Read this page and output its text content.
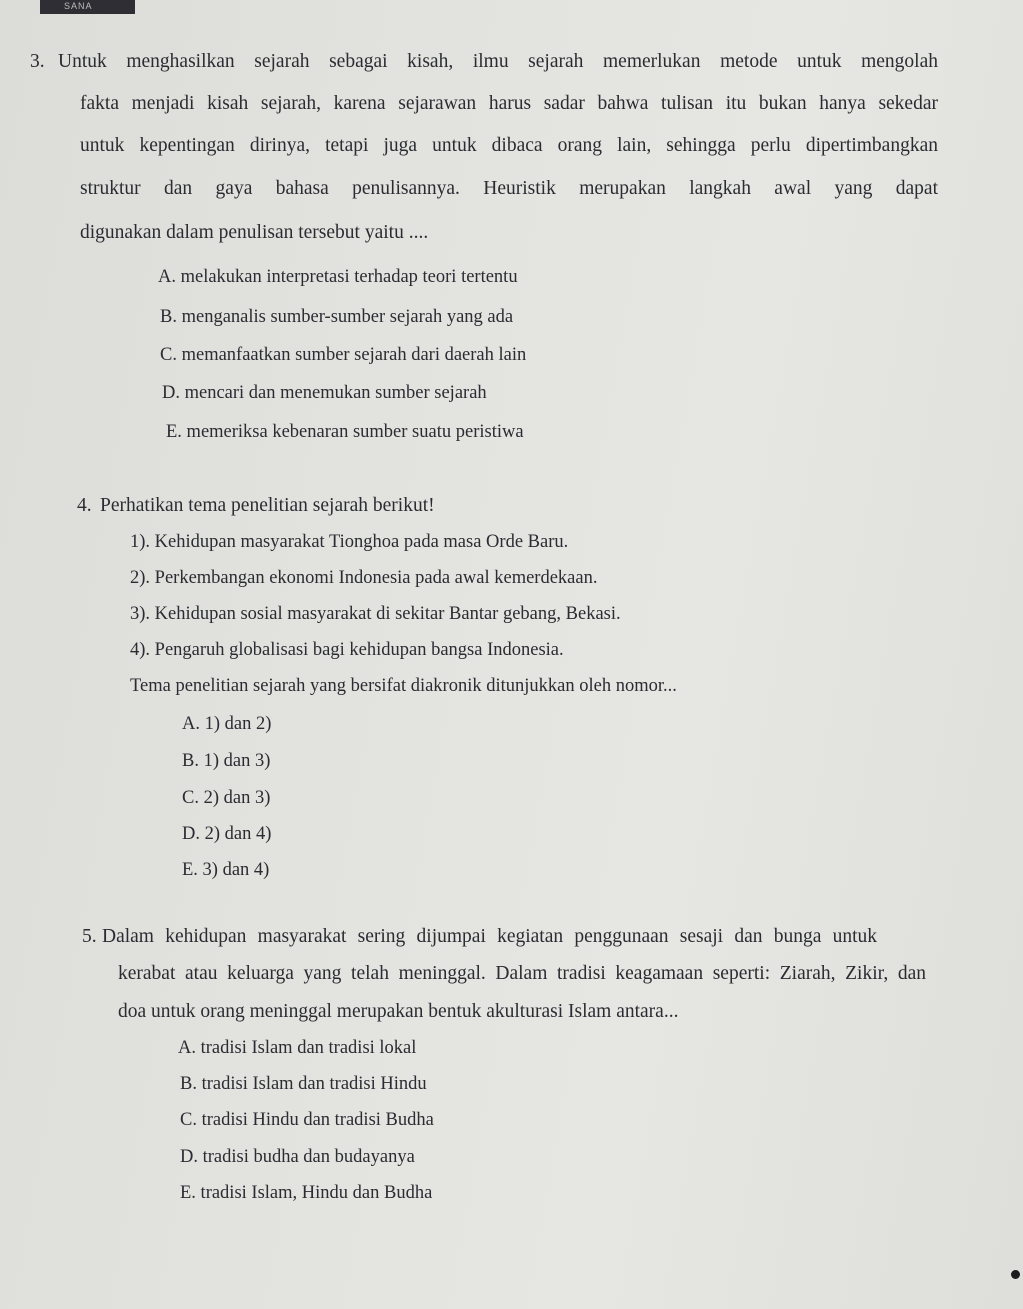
SANA
3. Untuk menghasilkan sejarah sebagai kisah, ilmu sejarah memerlukan metode untuk mengolah
fakta menjadi kisah sejarah, karena sejarawan harus sadar bahwa tulisan itu bukan hanya sekedar
untuk kepentingan dirinya, tetapi juga untuk dibaca orang lain, sehingga perlu dipertimbangkan
struktur dan gaya bahasa penulisannya. Heuristik merupakan langkah awal yang dapat
digunakan dalam penulisan tersebut yaitu ....
A. melakukan interpretasi terhadap teori tertentu
B. menganalis sumber-sumber sejarah yang ada
C. memanfaatkan sumber sejarah dari daerah lain
D. mencari dan menemukan sumber sejarah
E. memeriksa kebenaran sumber suatu peristiwa
4. Perhatikan tema penelitian sejarah berikut!
1). Kehidupan masyarakat Tionghoa pada masa Orde Baru.
2). Perkembangan ekonomi Indonesia pada awal kemerdekaan.
3). Kehidupan sosial masyarakat di sekitar Bantar gebang, Bekasi.
4). Pengaruh globalisasi bagi kehidupan bangsa Indonesia.
Tema penelitian sejarah yang bersifat diakronik ditunjukkan oleh nomor...
A. 1) dan 2)
B. 1) dan 3)
C. 2) dan 3)
D. 2) dan 4)
E. 3) dan 4)
5. Dalam kehidupan masyarakat sering dijumpai kegiatan penggunaan sesaji dan bunga untuk
kerabat atau keluarga yang telah meninggal. Dalam tradisi keagamaan seperti: Ziarah, Zikir, dan
doa untuk orang meninggal merupakan bentuk akulturasi Islam antara...
A. tradisi Islam dan tradisi lokal
B. tradisi Islam dan tradisi Hindu
C. tradisi Hindu dan tradisi Budha
D. tradisi budha dan budayanya
E. tradisi Islam, Hindu dan Budha
